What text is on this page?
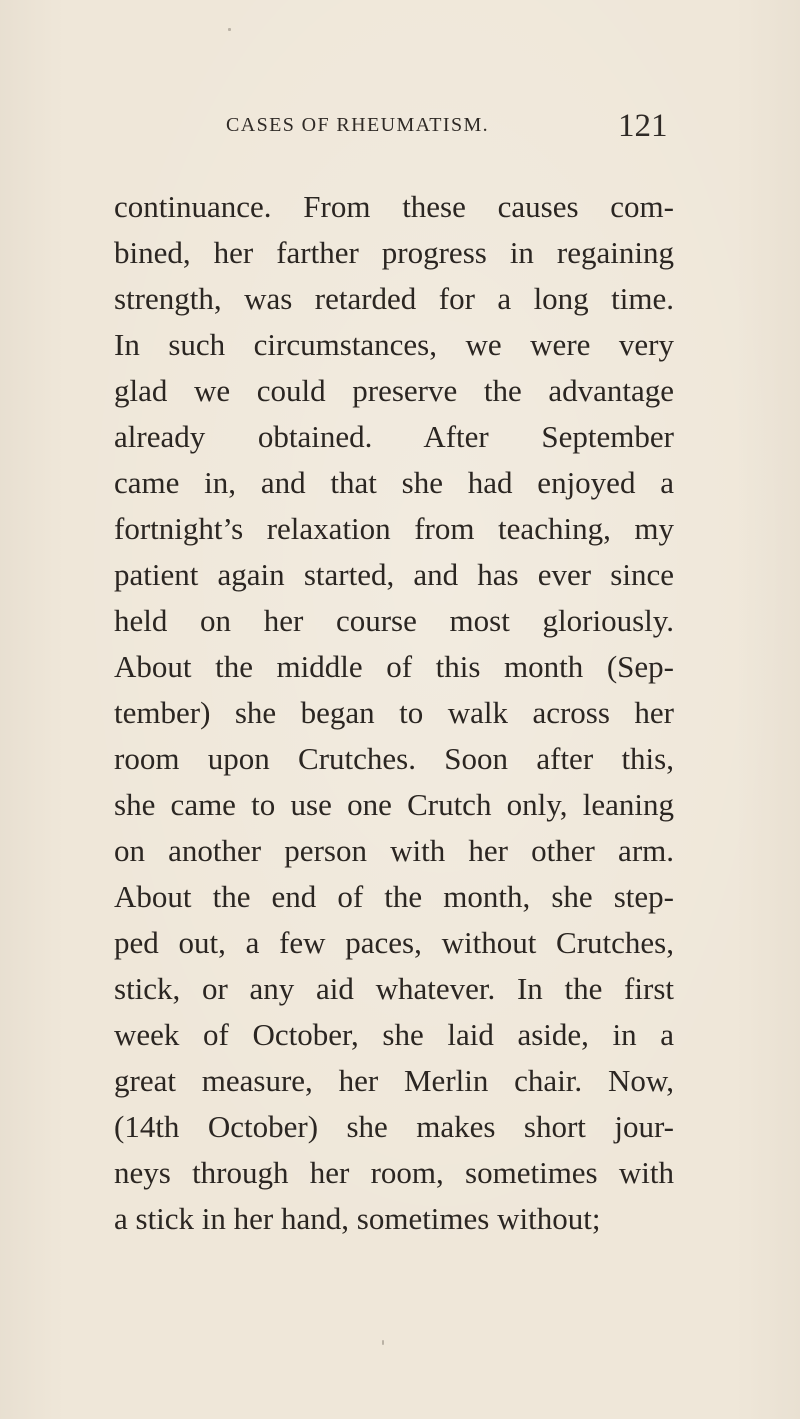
CASES OF RHEUMATISM.	121
continuance. From these causes com-
bined, her farther progress in regaining
strength, was retarded for a long time.
In such circumstances, we were very
glad we could preserve the advantage
already obtained. After September
came in, and that she had enjoyed a
fortnight’s relaxation from teaching, my
patient again started, and has ever since
held on her course most gloriously.
About the middle of this month (Sep-
tember) she began to walk across her
room upon Crutches. Soon after this,
she came to use one Crutch only, leaning
on another person with her other arm.
About the end of the month, she step-
ped out, a few paces, without Crutches,
stick, or any aid whatever. In the first
week of October, she laid aside, in a
great measure, her Merlin chair. Now,
(14th October) she makes short jour-
neys through her room, sometimes with
a stick in her hand, sometimes without;
